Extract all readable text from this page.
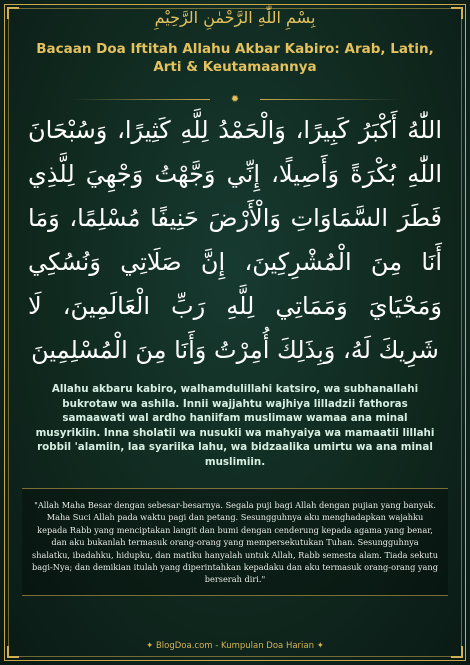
بِسْمِ اللّٰهِ الرَّحْمٰنِ الرَّحِيْمِ
Bacaan Doa Iftitah Allahu Akbar Kabiro: Arab, Latin, Arti & Keutamaannya
✹
اللّٰهُ أَكْبَرُ كَبِيرًا، وَالْحَمْدُ لِلَّهِ كَثِيرًا، وَسُبْحَانَ اللّٰهِ بُكْرَةً وَأَصِيلًا، إِنِّي وَجَّهْتُ وَجْهِيَ لِلَّذِي فَطَرَ السَّمَاوَاتِ وَالْأَرْضَ حَنِيفًا مُسْلِمًا، وَمَا أَنَا مِنَ الْمُشْرِكِينَ، إِنَّ صَلَاتِي وَنُسُكِي وَمَحْيَايَ وَمَمَاتِي لِلَّهِ رَبِّ الْعَالَمِينَ، لَا شَرِيكَ لَهُ، وَبِذَلِكَ أُمِرْتُ وَأَنَا مِنَ الْمُسْلِمِينَ
Allahu akbaru kabiro, walhamdulillahi katsiro, wa subhanallahi bukrotaw wa ashila. Innii wajjahtu wajhiya lilladzii fathoras samaawati wal ardho haniifam muslimaw wamaa ana minal musyrikiin. Inna sholatii wa nusukii wa mahyaiya wa mamaatii lillahi robbil 'alamiin, laa syariika lahu, wa bidzaalika umirtu wa ana minal muslimiin.
"Allah Maha Besar dengan sebesar-besarnya. Segala puji bagi Allah dengan pujian yang banyak. Maha Suci Allah pada waktu pagi dan petang. Sesungguhnya aku menghadapkan wajahku kepada Rabb yang menciptakan langit dan bumi dengan cenderung kepada agama yang benar, dan aku bukanlah termasuk orang-orang yang mempersekutukan Tuhan. Sesungguhnya shalatku, ibadahku, hidupku, dan matiku hanyalah untuk Allah, Rabb semesta alam. Tiada sekutu bagi-Nya; dan demikian itulah yang diperintahkan kepadaku dan aku termasuk orang-orang yang berserah diri."
✦ BlogDoa.com - Kumpulan Doa Harian ✦
